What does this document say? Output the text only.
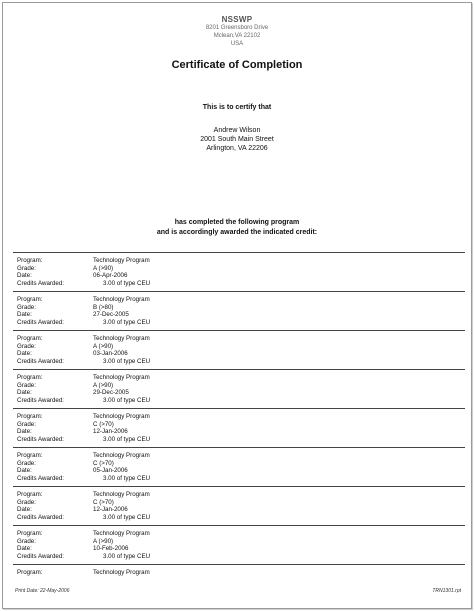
NSSWP
8201 Greensboro Drive
Mclean,VA 22102
USA
Certificate of Completion
This is to certify that
Andrew Wilson
2001 South Main Street
Arlington, VA 22206
has completed the following program
and is accordingly awarded the indicated credit:
Program:	Technology Program
Grade:	A (>90)
Date:	06-Apr-2006
Credits Awarded:	3.00 of type CEU
Program:	Technology Program
Grade:	B (>80)
Date:	27-Dec-2005
Credits Awarded:	3.00 of type CEU
Program:	Technology Program
Grade:	A (>90)
Date:	03-Jan-2006
Credits Awarded:	3.00 of type CEU
Program:	Technology Program
Grade:	A (>90)
Date:	29-Dec-2005
Credits Awarded:	3.00 of type CEU
Program:	Technology Program
Grade:	C (>70)
Date:	12-Jan-2006
Credits Awarded:	3.00 of type CEU
Program:	Technology Program
Grade:	C (>70)
Date:	05-Jan-2006
Credits Awarded:	3.00 of type CEU
Program:	Technology Program
Grade:	C (>70)
Date:	12-Jan-2006
Credits Awarded:	3.00 of type CEU
Program:	Technology Program
Grade:	A (>90)
Date:	10-Feb-2006
Credits Awarded:	3.00 of type CEU
Program:	Technology Program
Print Date: 22-May-2006	TRN1301.rpt
